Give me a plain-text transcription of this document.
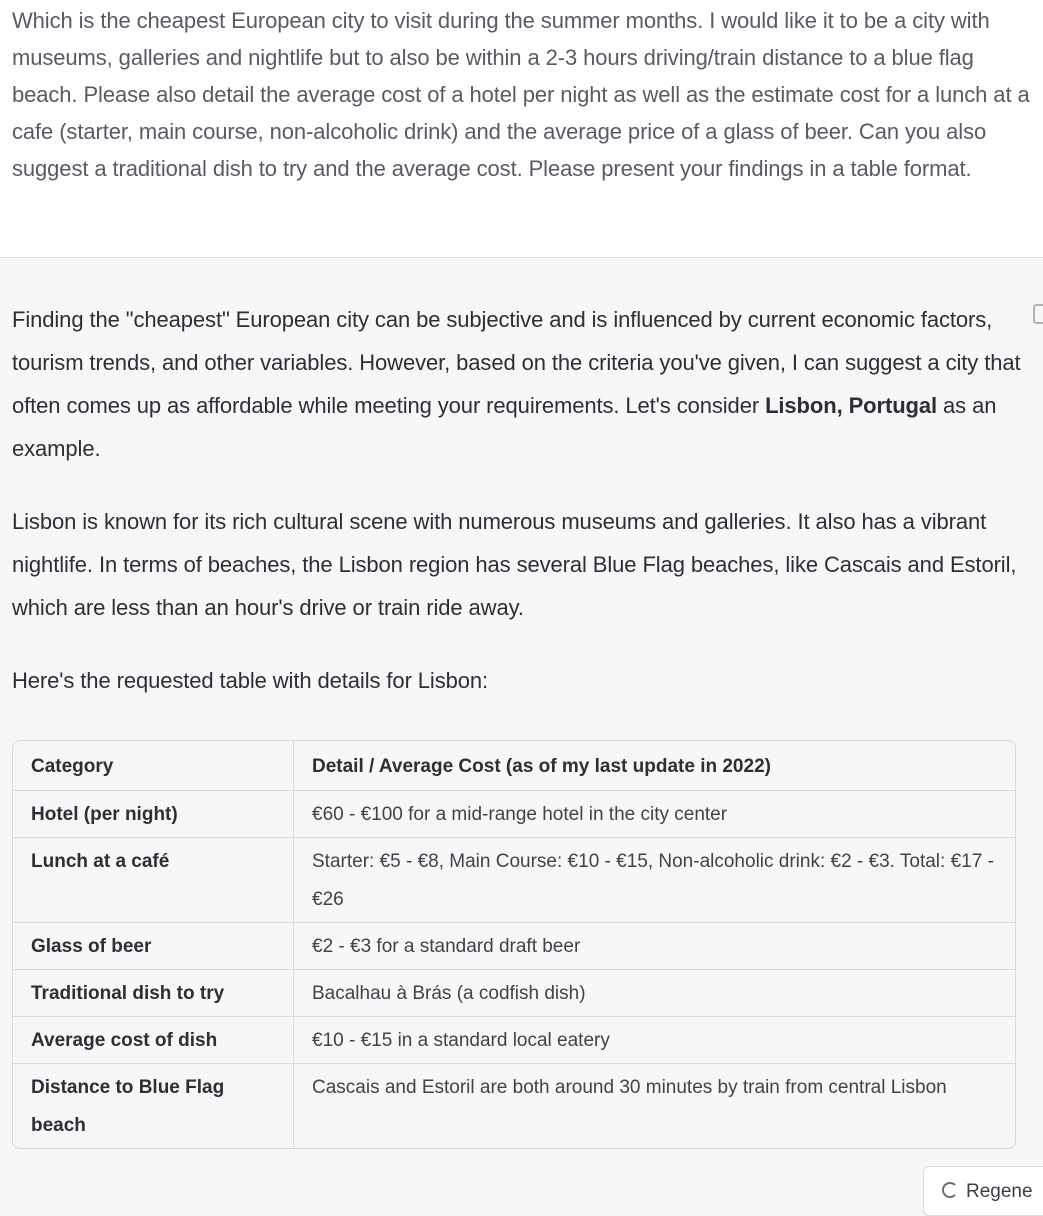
Which is the cheapest European city to visit during the summer months. I would like it to be a city with museums, galleries and nightlife but to also be within a 2-3 hours driving/train distance to a blue flag beach. Please also detail the average cost of a hotel per night as well as the estimate cost for a lunch at a cafe (starter, main course, non-alcoholic drink) and the average price of a glass of beer. Can you also suggest a traditional dish to try and the average cost. Please present your findings in a table format.

Finding the "cheapest" European city can be subjective and is influenced by current economic factors, tourism trends, and other variables. However, based on the criteria you've given, I can suggest a city that often comes up as affordable while meeting your requirements. Let's consider Lisbon, Portugal as an example.

Lisbon is known for its rich cultural scene with numerous museums and galleries. It also has a vibrant nightlife. In terms of beaches, the Lisbon region has several Blue Flag beaches, like Cascais and Estoril, which are less than an hour's drive or train ride away.

Here's the requested table with details for Lisbon:

Category	Detail / Average Cost (as of my last update in 2022)
Hotel (per night)	€60 - €100 for a mid-range hotel in the city center
Lunch at a café	Starter: €5 - €8, Main Course: €10 - €15, Non-alcoholic drink: €2 - €3. Total: €17 - €26
Glass of beer	€2 - €3 for a standard draft beer
Traditional dish to try	Bacalhau à Brás (a codfish dish)
Average cost of dish	€10 - €15 in a standard local eatery
Distance to Blue Flag beach	Cascais and Estoril are both around 30 minutes by train from central Lisbon
Regene
